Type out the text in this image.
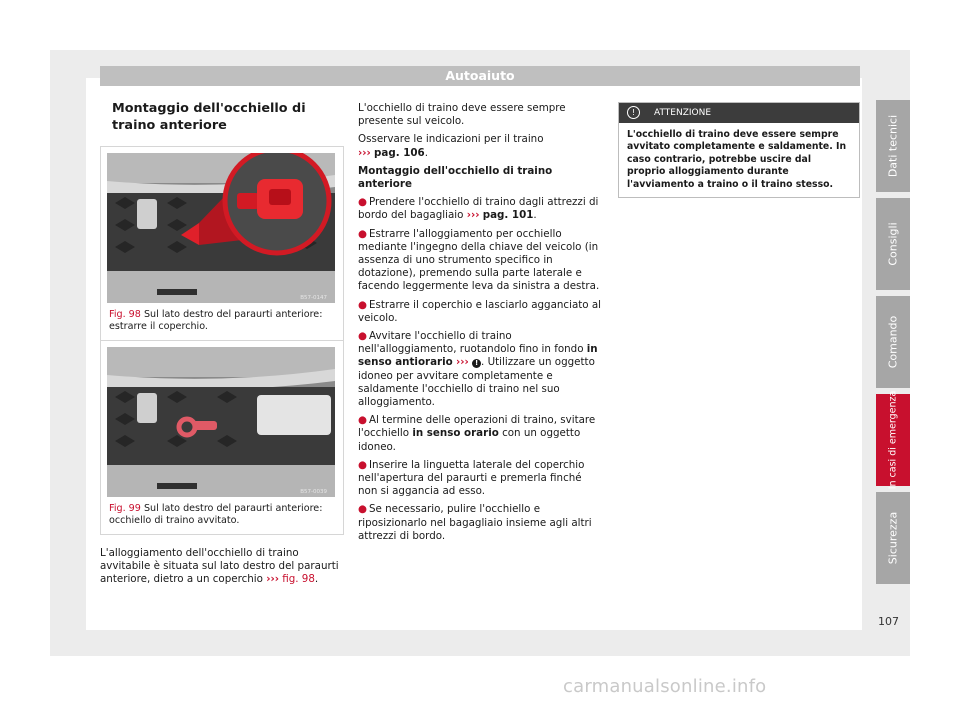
Autoaiuto
Montaggio dell'occhiello di traino anteriore
B57-0147
Fig. 98 Sul lato destro del paraurti anteriore: estrarre il coperchio.
B57-0039
Fig. 99 Sul lato destro del paraurti anteriore: occhiello di traino avvitato.
L'alloggiamento dell'occhiello di traino avvitabile è situata sul lato destro del paraurti anteriore, dietro a un coperchio ››› fig. 98.

L'occhiello di traino deve essere sempre presente sul veicolo.

Osservare le indicazioni per il traino
››› pag. 106.

Montaggio dell'occhiello di traino anteriore

● Prendere l'occhiello di traino dagli attrezzi di bordo del bagagliaio ››› pag. 101.

● Estrarre l'alloggiamento per occhiello mediante l'ingegno della chiave del veicolo (in assenza di uno strumento specifico in dotazione), premendo sulla parte laterale e facendo leggermente leva da sinistra a destra.

● Estrarre il coperchio e lasciarlo agganciato al veicolo.

● Avvitare l'occhiello di traino nell'alloggiamento, ruotandolo fino in fondo in senso antiorario ››› ! . Utilizzare un oggetto idoneo per avvitare completamente e saldamente l'occhiello di traino nel suo alloggiamento.

● Al termine delle operazioni di traino, svitare l'occhiello in senso orario con un oggetto idoneo.

● Inserire la linguetta laterale del coperchio nell'apertura del paraurti e premerla finché non si aggancia ad esso.

● Se necessario, pulire l'occhiello e riposizionarlo nel bagagliaio insieme agli altri attrezzi di bordo.

! ATTENZIONE
L'occhiello di traino deve essere sempre avvitato completamente e saldamente. In caso contrario, potrebbe uscire dal proprio alloggiamento durante l'avviamento a traino o il traino stesso.
Dati tecnici
Consigli
Comando
In casi di emergenza
Sicurezza
107
carmanualsonline.info
